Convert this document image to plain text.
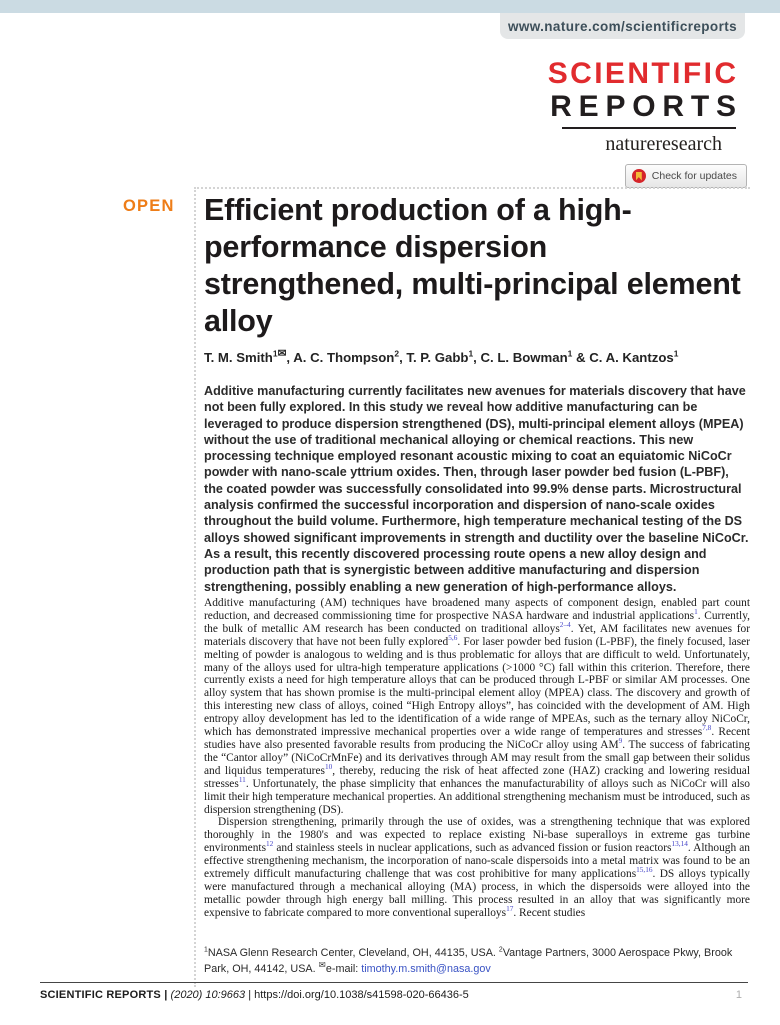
www.nature.com/scientificreports
SCIENTIFIC
REPORTS
natureresearch
Check for updates
OPEN Efficient production of a high-performance dispersion strengthened, multi-principal element alloy
T. M. Smith$^{1✉}$, A. C. Thompson$^2$, T. P. Gabb$^1$, C. L. Bowman$^1$ & C. A. Kantzos$^1$
Additive manufacturing currently facilitates new avenues for materials discovery that have not been fully explored. In this study we reveal how additive manufacturing can be leveraged to produce dispersion strengthened (DS), multi-principal element alloys (MPEA) without the use of traditional mechanical alloying or chemical reactions. This new processing technique employed resonant acoustic mixing to coat an equiatomic NiCoCr powder with nano-scale yttrium oxides. Then, through laser powder bed fusion (L-PBF), the coated powder was successfully consolidated into 99.9% dense parts. Microstructural analysis confirmed the successful incorporation and dispersion of nano-scale oxides throughout the build volume. Furthermore, high temperature mechanical testing of the DS alloys showed significant improvements in strength and ductility over the baseline NiCoCr. As a result, this recently discovered processing route opens a new alloy design and production path that is synergistic between additive manufacturing and dispersion strengthening, possibly enabling a new generation of high-performance alloys.

Additive manufacturing (AM) techniques have broadened many aspects of component design, enabled part count reduction, and decreased commissioning time for prospective NASA hardware and industrial applications$^1$. Currently, the bulk of metallic AM research has been conducted on traditional alloys$^{2-4}$. Yet, AM facilitates new avenues for materials discovery that have not been fully explored$^{5,6}$. For laser powder bed fusion (L-PBF), the finely focused, laser melting of powder is analogous to welding and is thus problematic for alloys that are difficult to weld. Unfortunately, many of the alloys used for ultra-high temperature applications (>1000 °C) fall within this criterion. Therefore, there currently exists a need for high temperature alloys that can be produced through L-PBF or similar AM processes. One alloy system that has shown promise is the multi-principal element alloy (MPEA) class. The discovery and growth of this interesting new class of alloys, coined “High Entropy alloys”, has coincided with the development of AM. High entropy alloy development has led to the identification of a wide range of MPEAs, such as the ternary alloy NiCoCr, which has demonstrated impressive mechanical properties over a wide range of temperatures and stresses$^{7,8}$. Recent studies have also presented favorable results from producing the NiCoCr alloy using AM$^9$. The success of fabricating the “Cantor alloy” (NiCoCrMnFe) and its derivatives through AM may result from the small gap between their solidus and liquidus temperatures$^{10}$, thereby, reducing the risk of heat affected zone (HAZ) cracking and lowering residual stresses$^{11}$. Unfortunately, the phase simplicity that enhances the manufacturability of alloys such as NiCoCr will also limit their high temperature mechanical properties. An additional strengthening mechanism must be introduced, such as dispersion strengthening (DS).

Dispersion strengthening, primarily through the use of oxides, was a strengthening technique that was explored thoroughly in the 1980's and was expected to replace existing Ni-base superalloys in extreme gas turbine environments$^{12}$ and stainless steels in nuclear applications, such as advanced fission or fusion reactors$^{13,14}$. Although an effective strengthening mechanism, the incorporation of nano-scale dispersoids into a metal matrix was found to be an extremely difficult manufacturing challenge that was cost prohibitive for many applications$^{15,16}$. DS alloys typically were manufactured through a mechanical alloying (MA) process, in which the dispersoids were alloyed into the metallic powder through high energy ball milling. This process resulted in an alloy that was significantly more expensive to fabricate compared to more conventional superalloys$^{17}$. Recent studies

$^1$NASA Glenn Research Center, Cleveland, OH, 44135, USA. $^2$Vantage Partners, 3000 Aerospace Pkwy, Brook Park, OH, 44142, USA. ✉e-mail: timothy.m.smith@nasa.gov
SCIENTIFIC REPORTS | (2020) 10:9663 | https://doi.org/10.1038/s41598-020-66436-5	1
